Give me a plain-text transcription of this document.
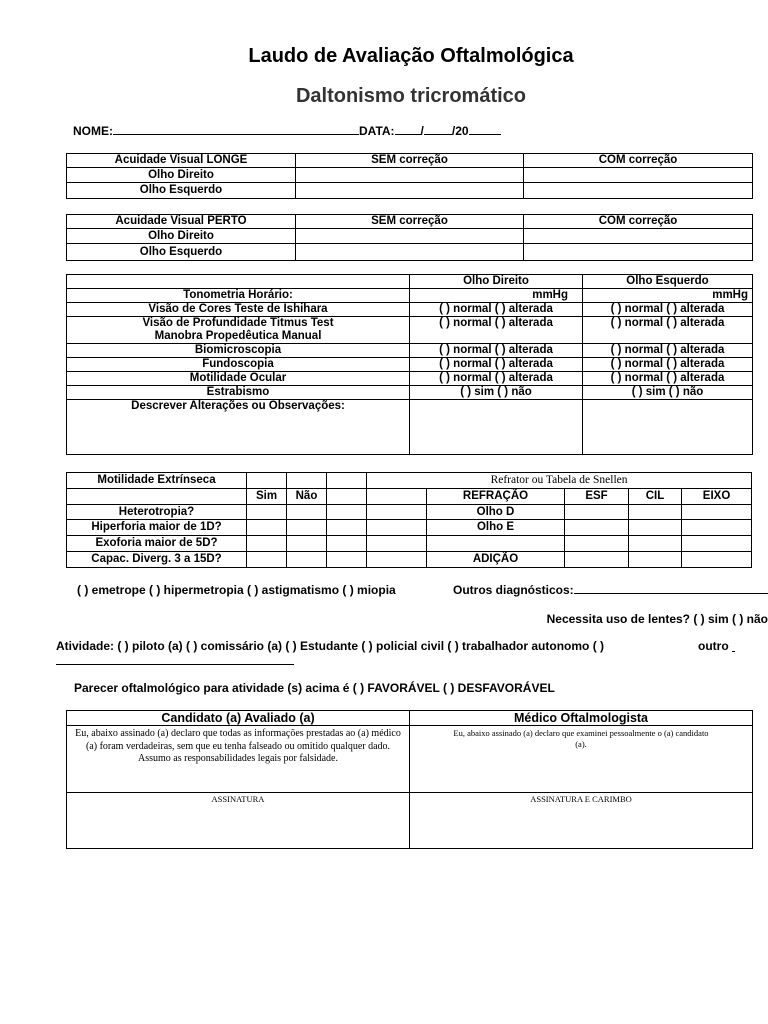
Laudo de Avaliação Oftalmológica
Daltonismo tricromático
NOME:	DATA: / /20
Acuidade Visual LONGE	SEM correção	COM correção
Olho Direito		
Olho Esquerdo		
Acuidade Visual PERTO	SEM correção	COM correção
Olho Direito		
Olho Esquerdo		
	Olho Direito	Olho Esquerdo
Tonometria Horário:	mmHg	mmHg
Visão de Cores Teste de Ishihara	( ) normal ( ) alterada	( ) normal ( ) alterada

Visão de Profundidade Titmus Test
Manobra Propedêutica Manual	( ) normal ( ) alterada	( ) normal ( ) alterada
Biomicroscopia	( ) normal ( ) alterada	( ) normal ( ) alterada
Fundoscopia	( ) normal ( ) alterada	( ) normal ( ) alterada
Motilidade Ocular	( ) normal ( ) alterada	( ) normal ( ) alterada
Estrabismo	( ) sim ( ) não	( ) sim ( ) não
Descrever Alterações ou Observações:		
Motilidade Extrínseca				Refrator ou Tabela de Snellen				
	Sim	Não			REFRAÇÃO	ESF	CIL	EIXO
Heterotropia?					Olho D			
Hiperforia maior de 1D?					Olho E			
Exoforia maior de 5D?								
Capac. Diverg. 3 a 15D?					ADIÇÃO			
( ) emetrope ( ) hipermetropia ( ) astigmatismo ( ) miopia	Outros diagnósticos:
Necessita uso de lentes? ( ) sim ( ) não
Atividade: ( ) piloto (a) ( ) comissário (a) ( ) Estudante ( ) policial civil ( ) trabalhador autonomo ( )	outro
Parecer oftalmológico para atividade (s) acima é ( ) FAVORÁVEL ( ) DESFAVORÁVEL
Candidato (a) Avaliado (a)	Médico Oftalmologista
Eu, abaixo assinado (a) declaro que todas as informações prestadas ao (a) médico (a) foram verdadeiras, sem que eu tenha falseado ou omitido qualquer dado. Assumo as responsabilidades legais por falsidade.	Eu, abaixo assinado (a) declaro que examinei pessoalmente o (a) candidato (a).
ASSINATURA	ASSINATURA E CARIMBO
